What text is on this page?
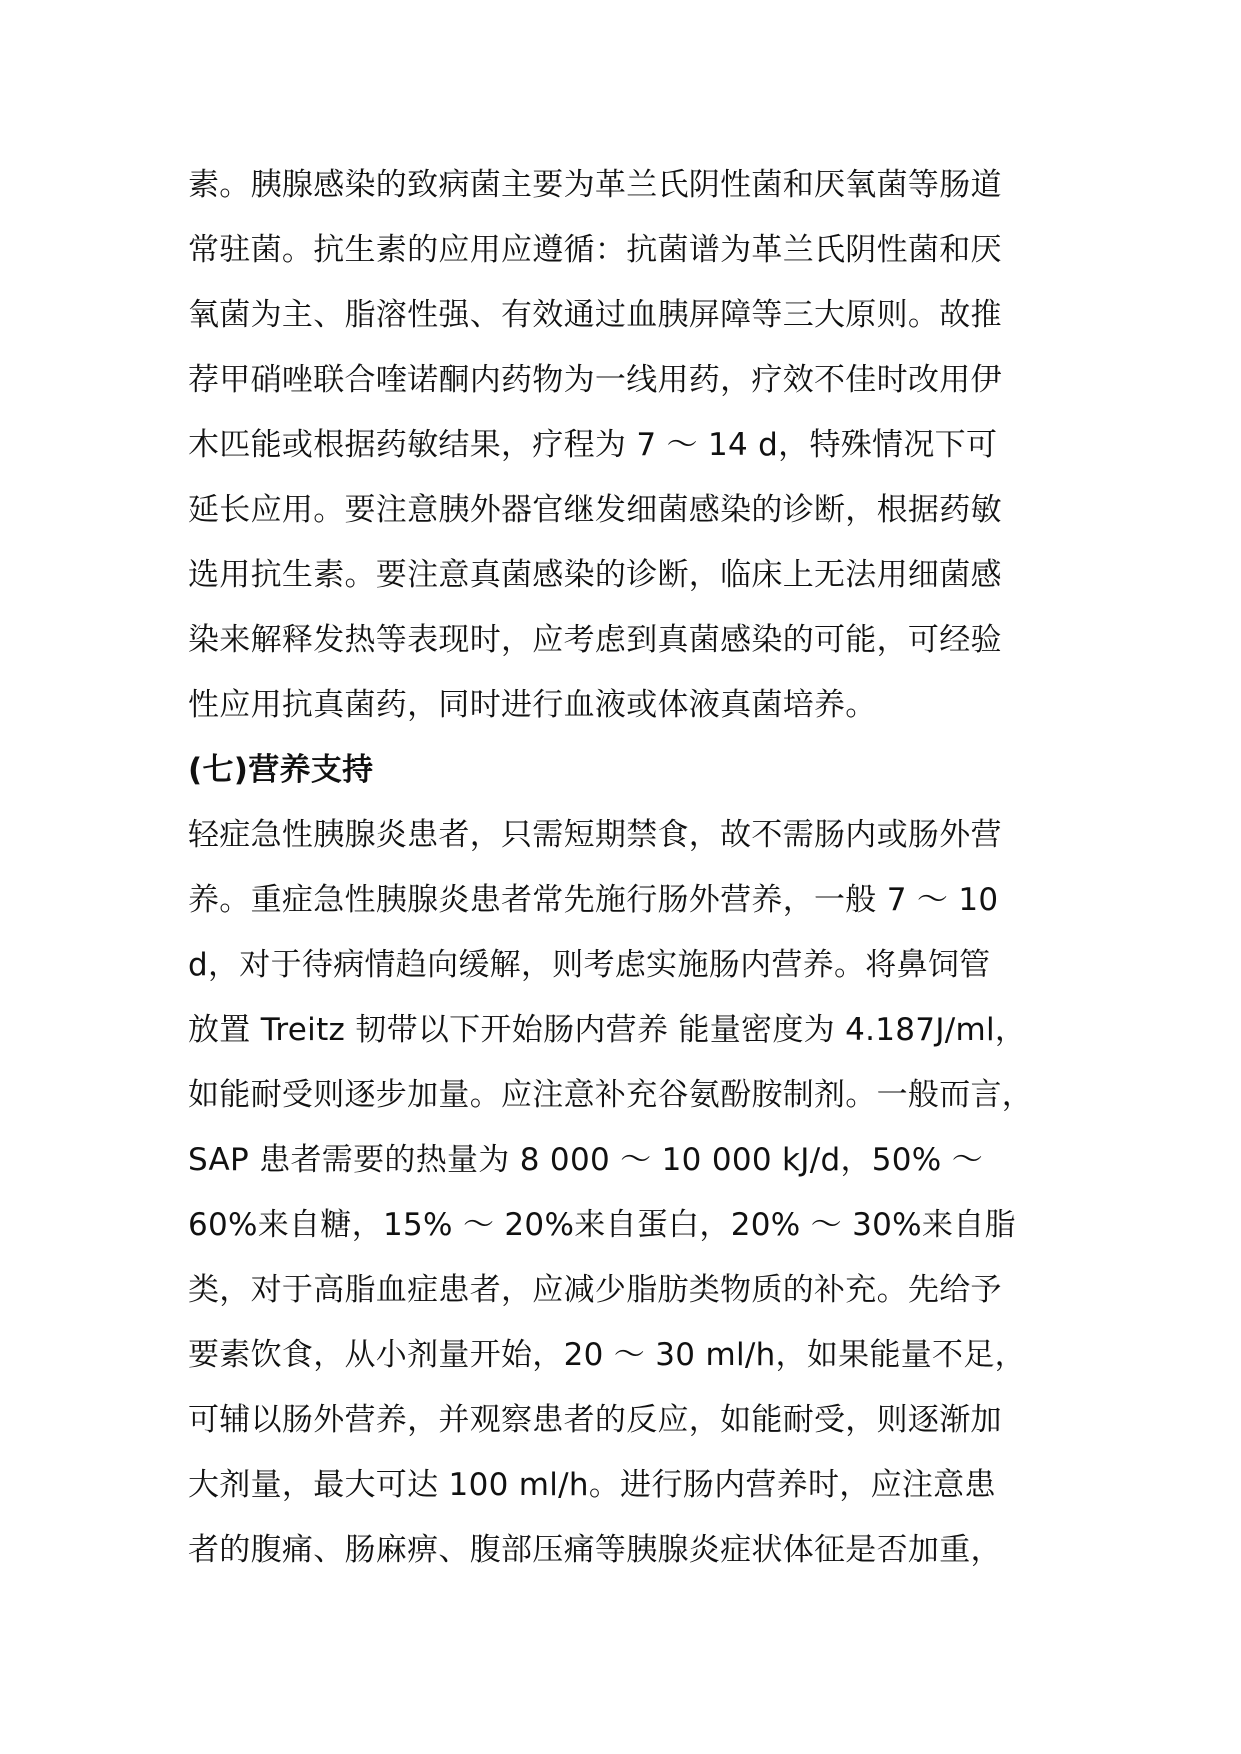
素。胰腺感染的致病菌主要为革兰氏阴性菌和厌氧菌等肠道
常驻菌。抗生素的应用应遵循：抗菌谱为革兰氏阴性菌和厌
氧菌为主、脂溶性强、有效通过血胰屏障等三大原则。故推
荐甲硝唑联合喹诺酮内药物为一线用药，疗效不佳时改用伊
木匹能或根据药敏结果，疗程为 7 ～ 14 d，特殊情况下可
延长应用。要注意胰外器官继发细菌感染的诊断，根据药敏
选用抗生素。要注意真菌感染的诊断，临床上无法用细菌感
染来解释发热等表现时，应考虑到真菌感染的可能，可经验
性应用抗真菌药，同时进行血液或体液真菌培养。
(七)营养支持
轻症急性胰腺炎患者，只需短期禁食，故不需肠内或肠外营
养。重症急性胰腺炎患者常先施行肠外营养，一般 7 ～ 10
d，对于待病情趋向缓解，则考虑实施肠内营养。将鼻饲管
放置 Treitz 韧带以下开始肠内营养 能量密度为 4.187J/ml，
如能耐受则逐步加量。应注意补充谷氨酚胺制剂。一般而言，
SAP 患者需要的热量为 8 000 ～ 10 000 kJ/d，50% ～
60%来自糖，15% ～ 20%来自蛋白，20% ～ 30%来自脂
类，对于高脂血症患者，应减少脂肪类物质的补充。先给予
要素饮食，从小剂量开始，20 ～ 30 ml/h，如果能量不足，
可辅以肠外营养，并观察患者的反应，如能耐受，则逐渐加
大剂量，最大可达 100 ml/h。进行肠内营养时，应注意患
者的腹痛、肠麻痹、腹部压痛等胰腺炎症状体征是否加重，
